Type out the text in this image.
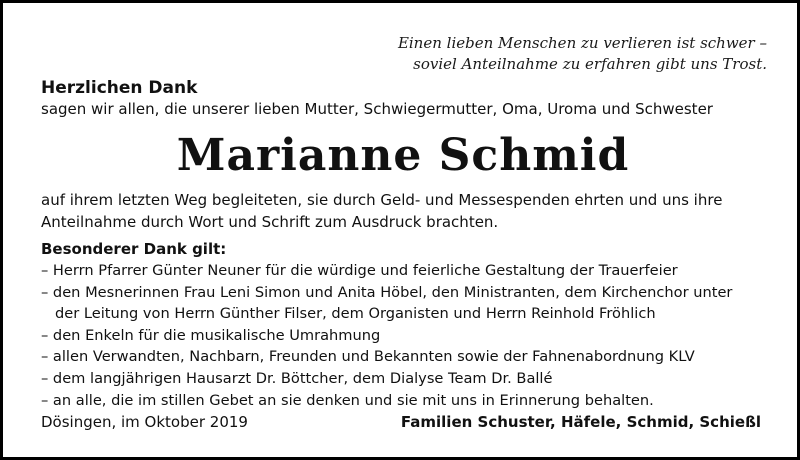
Einen lieben Menschen zu verlieren ist schwer –
soviel Anteilnahme zu erfahren gibt uns Trost.
Herzlichen Dank
sagen wir allen, die unserer lieben Mutter, Schwiegermutter, Oma, Uroma und Schwester
Marianne Schmid
auf ihrem letzten Weg begleiteten, sie durch Geld- und Messespenden ehrten und uns ihre
Anteilnahme durch Wort und Schrift zum Ausdruck brachten.
Besonderer Dank gilt:
– Herrn Pfarrer Günter Neuner für die würdige und feierliche Gestaltung der Trauerfeier
– den Mesnerinnen Frau Leni Simon und Anita Höbel, den Ministranten, dem Kirchenchor unter
der Leitung von Herrn Günther Filser, dem Organisten und Herrn Reinhold Fröhlich
– den Enkeln für die musikalische Umrahmung
– allen Verwandten, Nachbarn, Freunden und Bekannten sowie der Fahnenabordnung KLV
– dem langjährigen Hausarzt Dr. Böttcher, dem Dialyse Team Dr. Ballé
– an alle, die im stillen Gebet an sie denken und sie mit uns in Erinnerung behalten.
Dösingen, im Oktober 2019	Familien Schuster, Häfele, Schmid, Schießl
